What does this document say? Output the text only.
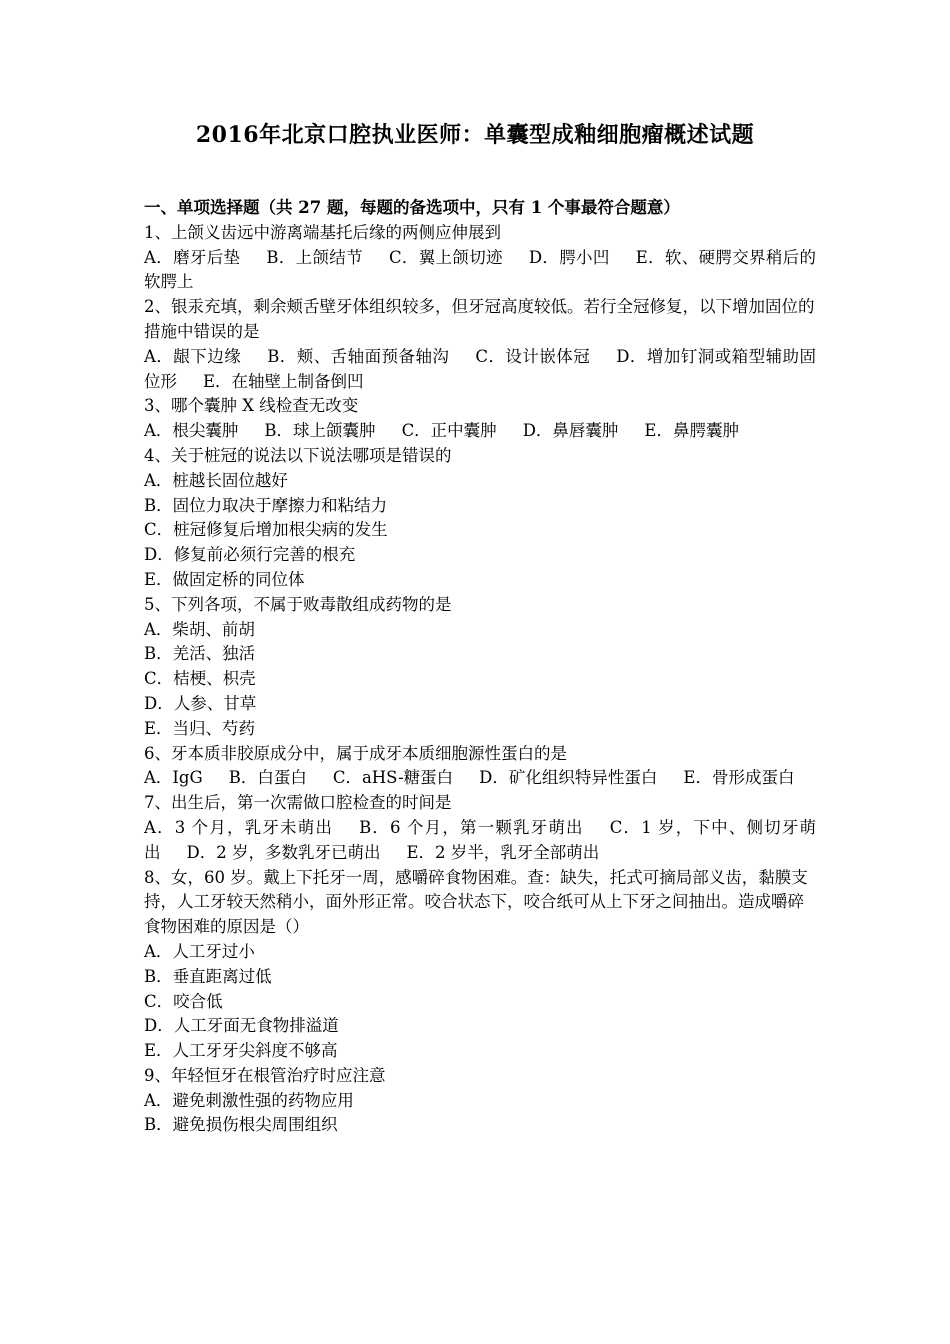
2016年北京口腔执业医师：单囊型成釉细胞瘤概述试题
一、单项选择题（共 27 题，每题的备选项中，只有 1 个事最符合题意）
1、上颌义齿远中游离端基托后缘的两侧应伸展到
A．磨牙后垫 B．上颌结节 C．翼上颌切迹 D．腭小凹 E．软、硬腭交界稍后的软腭上
2、银汞充填，剩余颊舌壁牙体组织较多，但牙冠高度较低。若行全冠修复，以下增加固位的措施中错误的是
A．龈下边缘 B．颊、舌轴面预备轴沟 C．设计嵌体冠 D．增加钉洞或箱型辅助固位形 E．在轴壁上制备倒凹
3、哪个囊肿 X 线检查无改变
A．根尖囊肿 B．球上颌囊肿 C．正中囊肿 D．鼻唇囊肿 E．鼻腭囊肿
4、关于桩冠的说法以下说法哪项是错误的
A．桩越长固位越好
B．固位力取决于摩擦力和粘结力
C．桩冠修复后增加根尖病的发生
D．修复前必须行完善的根充
E．做固定桥的同位体
5、下列各项，不属于败毒散组成药物的是
A．柴胡、前胡
B．羌活、独活
C．桔梗、枳壳
D．人参、甘草
E．当归、芍药
6、牙本质非胶原成分中，属于成牙本质细胞源性蛋白的是
A．IgG B．白蛋白 C．aHS-糖蛋白 D．矿化组织特异性蛋白 E．骨形成蛋白
7、出生后，第一次需做口腔检查的时间是
A．3 个月，乳牙未萌出 B．6 个月，第一颗乳牙萌出 C．1 岁，下中、侧切牙萌出 D．2 岁，多数乳牙已萌出 E．2 岁半，乳牙全部萌出
8、女，60 岁。戴上下托牙一周，感嚼碎食物困难。查：缺失，托式可摘局部义齿，黏膜支持，人工牙较天然稍小，面外形正常。咬合状态下，咬合纸可从上下牙之间抽出。造成嚼碎食物困难的原因是（）
A．人工牙过小
B．垂直距离过低
C．咬合低
D．人工牙面无食物排溢道
E．人工牙牙尖斜度不够高
9、年轻恒牙在根管治疗时应注意
A．避免刺激性强的药物应用
B．避免损伤根尖周围组织
